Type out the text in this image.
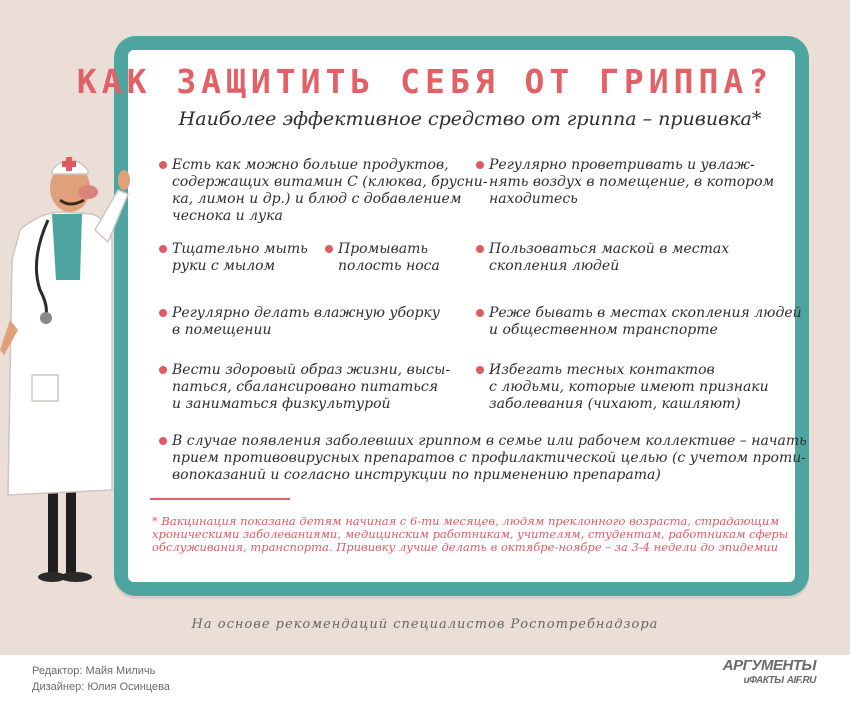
КАК ЗАЩИТИТЬ СЕБЯ ОТ ГРИППА?
Наиболее эффективное средство от гриппа – прививка*
Есть как можно больше продуктов,
содержащих витамин С (клюква, бруснu-
ка, лимон и др.) и блюд с добавлением
чеснока и лука
Регулярно проветривать и увлаж-
нять воздух в помещение, в котором
находитесь
Тщательно мыть
руки с мылом
Промывать
полость носа
Пользоваться маской в местах
скопления людей
Регулярно делать влажную уборку
в помещении
Реже бывать в местах скопления людей
и общественном транспорте
Вести здоровый образ жизни, высы-
паться, сбалансировано питаться
и заниматься физкультурой
Избегать тесных контактов
с людьми, которые имеют признаки
заболевания (чихают, кашляют)
В случае появления заболевших гриппом в семье или рабочем коллективе – начать
прием противовирусных препаратов с профилактической целью (с учетом проти-
вопоказаний и согласно инструкции по применению препарата)
* Вакцинация показана детям начиная с 6-ти месяцев, людям преклонного возраста, страдающим
хроническими заболеваниями, медицинским работникам, учителям, студентам, работникам сферы
обслуживания, транспорта. Прививку лучше делать в октябре-ноябре – за 3-4 недели до эпидемии
На основе рекомендаций специалистов Роспотребнадзора
Редактор: Майя Миличь
Дизайнер: Юлия Осинцева
АРГУМЕНТЫ
иФАКТЫ AIF.RU
